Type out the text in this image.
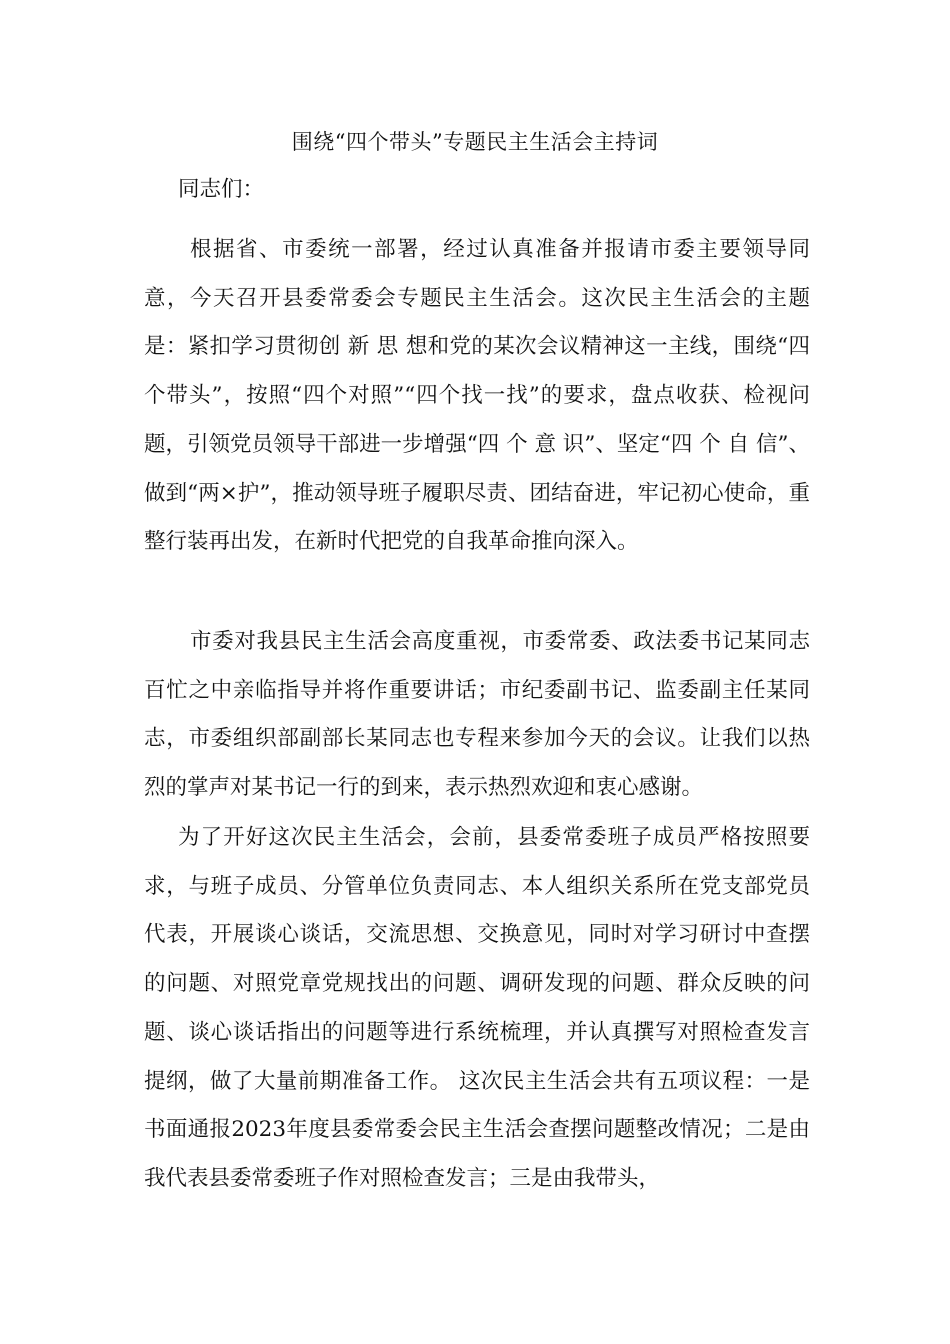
围绕“四个带头”专题民主生活会主持词

同志们：

根据省、市委统一部署，经过认真准备并报请市委主要领导同意，今天召开县委常委会专题民主生活会。这次民主生活会的主题是：紧扣学习贯彻创 新 思 想和党的某次会议精神这一主线，围绕“四个带头”，按照“四个对照”“四个找一找”的要求，盘点收获、检视问题，引领党员领导干部进一步增强“四 个 意 识”、坚定“四 个 自 信”、做到“两×护”，推动领导班子履职尽责、团结奋进，牢记初心使命，重整行装再出发，在新时代把党的自我革命推向深入。

市委对我县民主生活会高度重视，市委常委、政法委书记某同志百忙之中亲临指导并将作重要讲话；市纪委副书记、监委副主任某同志，市委组织部副部长某同志也专程来参加今天的会议。让我们以热烈的掌声对某书记一行的到来，表示热烈欢迎和衷心感谢。

为了开好这次民主生活会，会前，县委常委班子成员严格按照要求，与班子成员、分管单位负责同志、本人组织关系所在党支部党员代表，开展谈心谈话，交流思想、交换意见，同时对学习研讨中查摆的问题、对照党章党规找出的问题、调研发现的问题、群众反映的问题、谈心谈话指出的问题等进行系统梳理，并认真撰写对照检查发言提纲，做了大量前期准备工作。 这次民主生活会共有五项议程：一是书面通报2023年度县委常委会民主生活会查摆问题整改情况；二是由我代表县委常委班子作对照检查发言；三是由我带头，
